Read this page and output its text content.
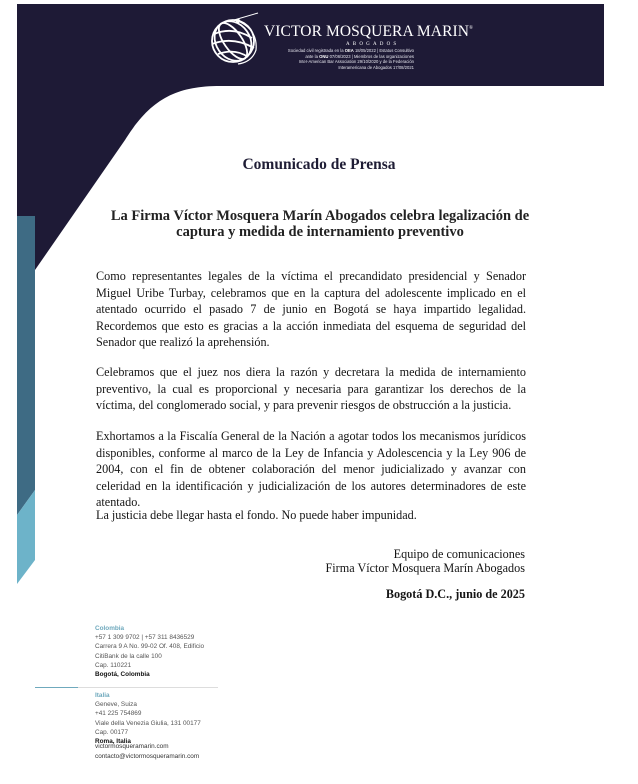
VICTOR MOSQUERA MARIN®
ABOGADOS
Sociedad civil registrada en la OEA 18/05/2022 | Estatus Consultivo
ante la ONU 07/06/2023 | Miembros de las organizaciones
Inter-American Bar Association 29/10/2020 y de la Federación
Interamericana de Abogados 17/08/2021
Comunicado de Prensa
La Firma Víctor Mosquera Marín Abogados celebra legalización de captura y medida de internamiento preventivo
Como representantes legales de la víctima el precandidato presidencial y Senador Miguel Uribe Turbay, celebramos que en la captura del adolescente implicado en el atentado ocurrido el pasado 7 de junio en Bogotá se haya impartido legalidad. Recordemos que esto es gracias a la acción inmediata del esquema de seguridad del Senador que realizó la aprehensión.
Celebramos que el juez nos diera la razón y decretara la medida de internamiento preventivo, la cual es proporcional y necesaria para garantizar los derechos de la víctima, del conglomerado social, y para prevenir riesgos de obstrucción a la justicia.
Exhortamos a la Fiscalía General de la Nación a agotar todos los mecanismos jurídicos disponibles, conforme al marco de la Ley de Infancia y Adolescencia y la Ley 906 de 2004, con el fin de obtener colaboración del menor judicializado y avanzar con celeridad en la identificación y judicialización de los autores determinadores de este atentado.
La justicia debe llegar hasta el fondo. No puede haber impunidad.
Equipo de comunicaciones
Firma Víctor Mosquera Marín Abogados
Bogotá D.C., junio de 2025
Colombia
+57 1 309 9702 | +57 311 8436529
Carrera 9 A No. 99-02 Of. 408, Edificio
CitiBank de la calle 100
Cap. 110221
Bogotá, Colombia
Italia
Geneve, Suiza
+41 225 754869
Viale della Venezia Giulia, 131 00177
Cap. 00177
Roma, Italia
victormosqueramarin.com
contacto@victormosqueramarin.com
